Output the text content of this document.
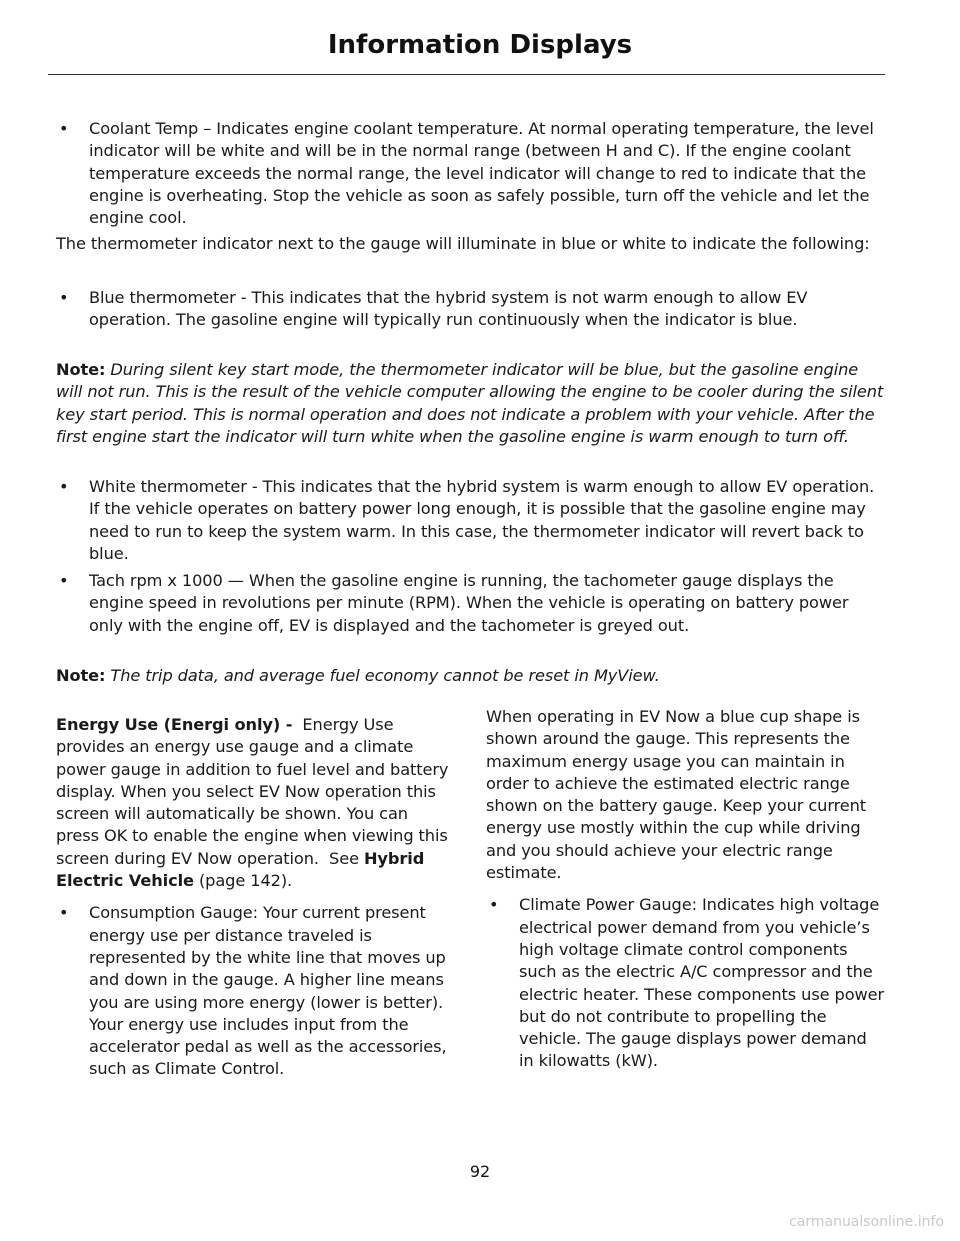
Information Displays

• Coolant Temp – Indicates engine coolant temperature. At normal operating temperature, the level indicator will be white and will be in the normal range (between H and C). If the engine coolant temperature exceeds the normal range, the level indicator will change to red to indicate that the engine is overheating. Stop the vehicle as soon as safely possible, turn off the vehicle and let the engine cool.

The thermometer indicator next to the gauge will illuminate in blue or white to indicate the following:

• Blue thermometer - This indicates that the hybrid system is not warm enough to allow EV operation. The gasoline engine will typically run continuously when the indicator is blue.

Note: During silent key start mode, the thermometer indicator will be blue, but the gasoline engine will not run. This is the result of the vehicle computer allowing the engine to be cooler during the silent key start period. This is normal operation and does not indicate a problem with your vehicle. After the first engine start the indicator will turn white when the gasoline engine is warm enough to turn off.

• White thermometer - This indicates that the hybrid system is warm enough to allow EV operation. If the vehicle operates on battery power long enough, it is possible that the gasoline engine may need to run to keep the system warm. In this case, the thermometer indicator will revert back to blue.

• Tach rpm x 1000 — When the gasoline engine is running, the tachometer gauge displays the engine speed in revolutions per minute (RPM). When the vehicle is operating on battery power only with the engine off, EV is displayed and the tachometer is greyed out.

Note: The trip data, and average fuel economy cannot be reset in MyView.

Energy Use (Energi only) - Energy Use provides an energy use gauge and a climate power gauge in addition to fuel level and battery display. When you select EV Now operation this screen will automatically be shown. You can press OK to enable the engine when viewing this screen during EV Now operation. See Hybrid Electric Vehicle (page 142).

• Consumption Gauge: Your current present energy use per distance traveled is represented by the white line that moves up and down in the gauge. A higher line means you are using more energy (lower is better). Your energy use includes input from the accelerator pedal as well as the accessories, such as Climate Control.

When operating in EV Now a blue cup shape is shown around the gauge. This represents the maximum energy usage you can maintain in order to achieve the estimated electric range shown on the battery gauge. Keep your current energy use mostly within the cup while driving and you should achieve your electric range estimate.

• Climate Power Gauge: Indicates high voltage electrical power demand from you vehicle’s high voltage climate control components such as the electric A/C compressor and the electric heater. These components use power but do not contribute to propelling the vehicle. The gauge displays power demand in kilowatts (kW).

92
carmanualsonline.info
